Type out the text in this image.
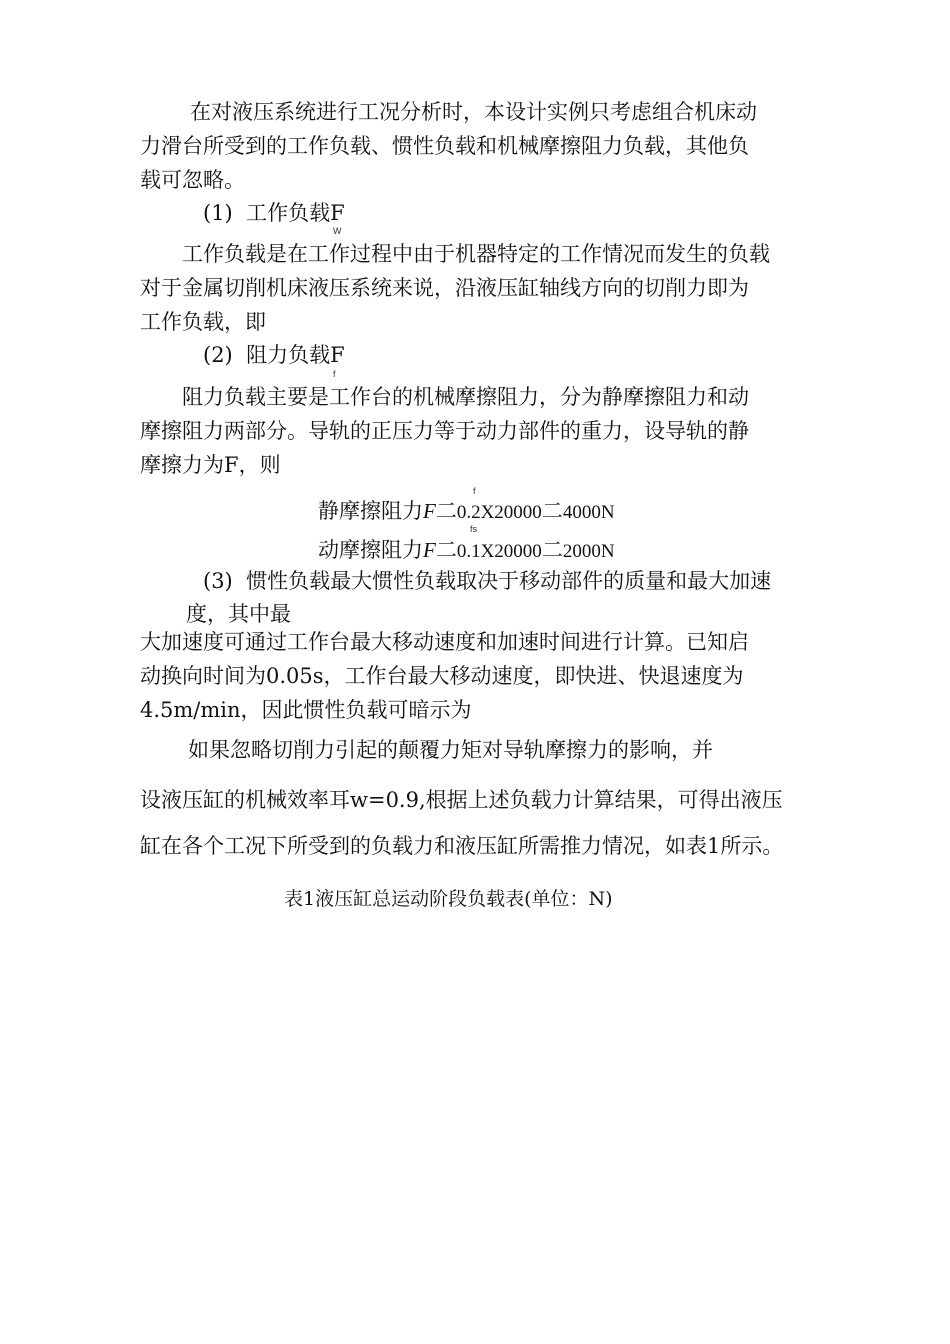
在对液压系统进行工况分析时，本设计实例只考虑组合机床动
力滑台所受到的工作负载、惯性负载和机械摩擦阻力负载，其他负
载可忽略。
(1) 工作负载F
W
工作负载是在工作过程中由于机器特定的工作情况而发生的负载
对于金属切削机床液压系统来说，沿液压缸轴线方向的切削力即为
工作负载，即
(2) 阻力负载F
f
阻力负载主要是工作台的机械摩擦阻力，分为静摩擦阻力和动
摩擦阻力两部分。导轨的正压力等于动力部件的重力，设导轨的静
摩擦力为F，则
f
静摩擦阻力F二0.2X20000二4000N
fs
动摩擦阻力F二0.1X20000二2000N
(3) 惯性负载最大惯性负载取决于移动部件的质量和最大加速
度，其中最
大加速度可通过工作台最大移动速度和加速时间进行计算。已知启
动换向时间为0.05s，工作台最大移动速度，即快进、快退速度为
4.5m/min，因此惯性负载可暗示为
如果忽略切削力引起的颠覆力矩对导轨摩擦力的影响，并
设液压缸的机械效率耳w=0.9,根据上述负载力计算结果，可得出液压
缸在各个工况下所受到的负载力和液压缸所需推力情况，如表1所示。
表1液压缸总运动阶段负载表(单位：N)
